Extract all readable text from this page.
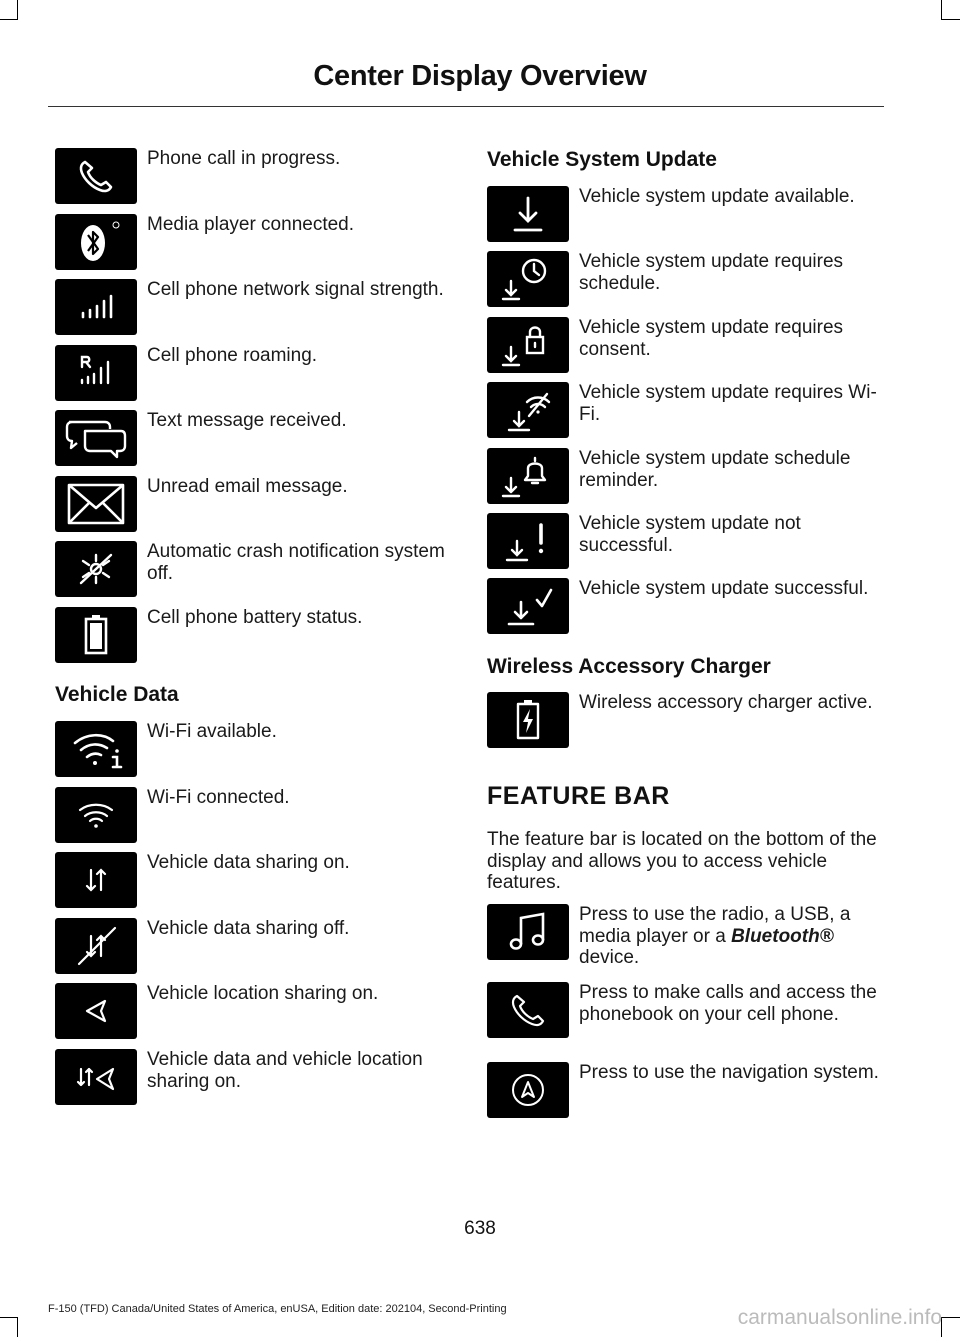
Center Display Overview
Phone call in progress.
Media player connected.
Cell phone network signal strength.
Cell phone roaming.
Text message received.
Unread email message.
Automatic crash notification system off.
Cell phone battery status.
Vehicle Data
Wi-Fi available.
Wi-Fi connected.
Vehicle data sharing on.
Vehicle data sharing off.
Vehicle location sharing on.
Vehicle data and vehicle location sharing on.
Vehicle System Update
Vehicle system update available.
Vehicle system update requires schedule.
Vehicle system update requires consent.
Vehicle system update requires Wi-Fi.
Vehicle system update schedule reminder.
Vehicle system update not successful.
Vehicle system update successful.
Wireless Accessory Charger
Wireless accessory charger active.
FEATURE BAR
The feature bar is located on the bottom of the display and allows you to access vehicle features.
Press to use the radio, a USB, a media player or a Bluetooth® device.
Press to make calls and access the phonebook on your cell phone.
Press to use the navigation system.
638
F-150 (TFD) Canada/United States of America, enUSA, Edition date: 202104, Second-Printing	carmanualsonline.info
